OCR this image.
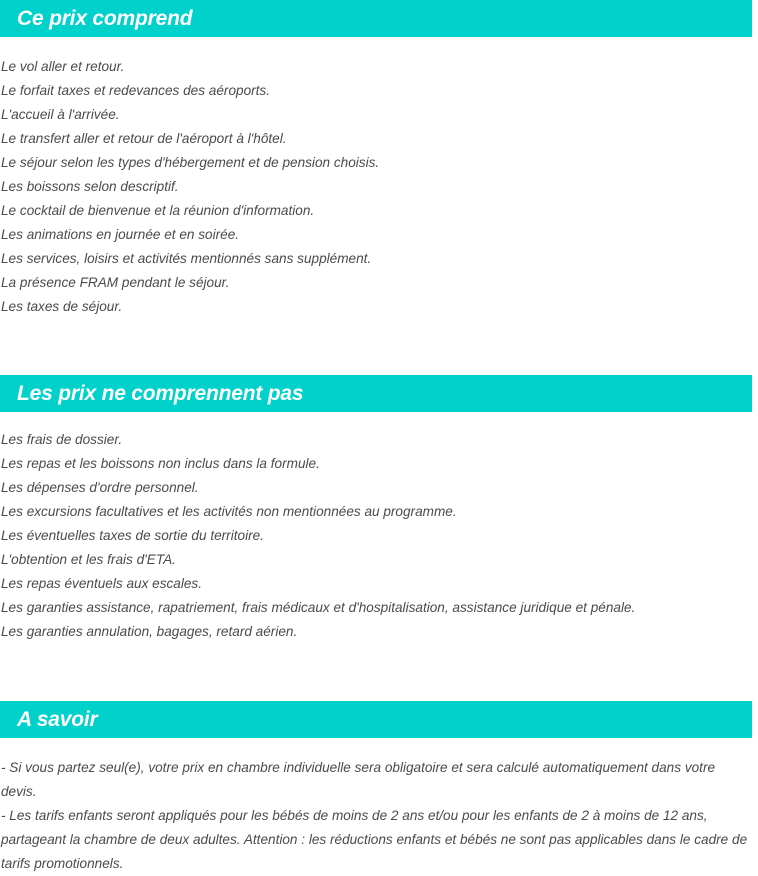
Ce prix comprend
Le vol aller et retour.
Le forfait taxes et redevances des aéroports.
L'accueil à l'arrivée.
Le transfert aller et retour de l'aéroport à l'hôtel.
Le séjour selon les types d'hébergement et de pension choisis.
Les boissons selon descriptif.
Le cocktail de bienvenue et la réunion d'information.
Les animations en journée et en soirée.
Les services, loisirs et activités mentionnés sans supplément.
La présence FRAM pendant le séjour.
Les taxes de séjour.
Les prix ne comprennent pas
Les frais de dossier.
Les repas et les boissons non inclus dans la formule.
Les dépenses d'ordre personnel.
Les excursions facultatives et les activités non mentionnées au programme.
Les éventuelles taxes de sortie du territoire.
L'obtention et les frais d'ETA.
Les repas éventuels aux escales.
Les garanties assistance, rapatriement, frais médicaux et d'hospitalisation, assistance juridique et pénale.
Les garanties annulation, bagages, retard aérien.
A savoir
- Si vous partez seul(e), votre prix en chambre individuelle sera obligatoire et sera calculé automatiquement dans votre devis.
- Les tarifs enfants seront appliqués pour les bébés de moins de 2 ans et/ou pour les enfants de 2 à moins de 12 ans, partageant la chambre de deux adultes. Attention : les réductions enfants et bébés ne sont pas applicables dans le cadre de tarifs promotionnels.
